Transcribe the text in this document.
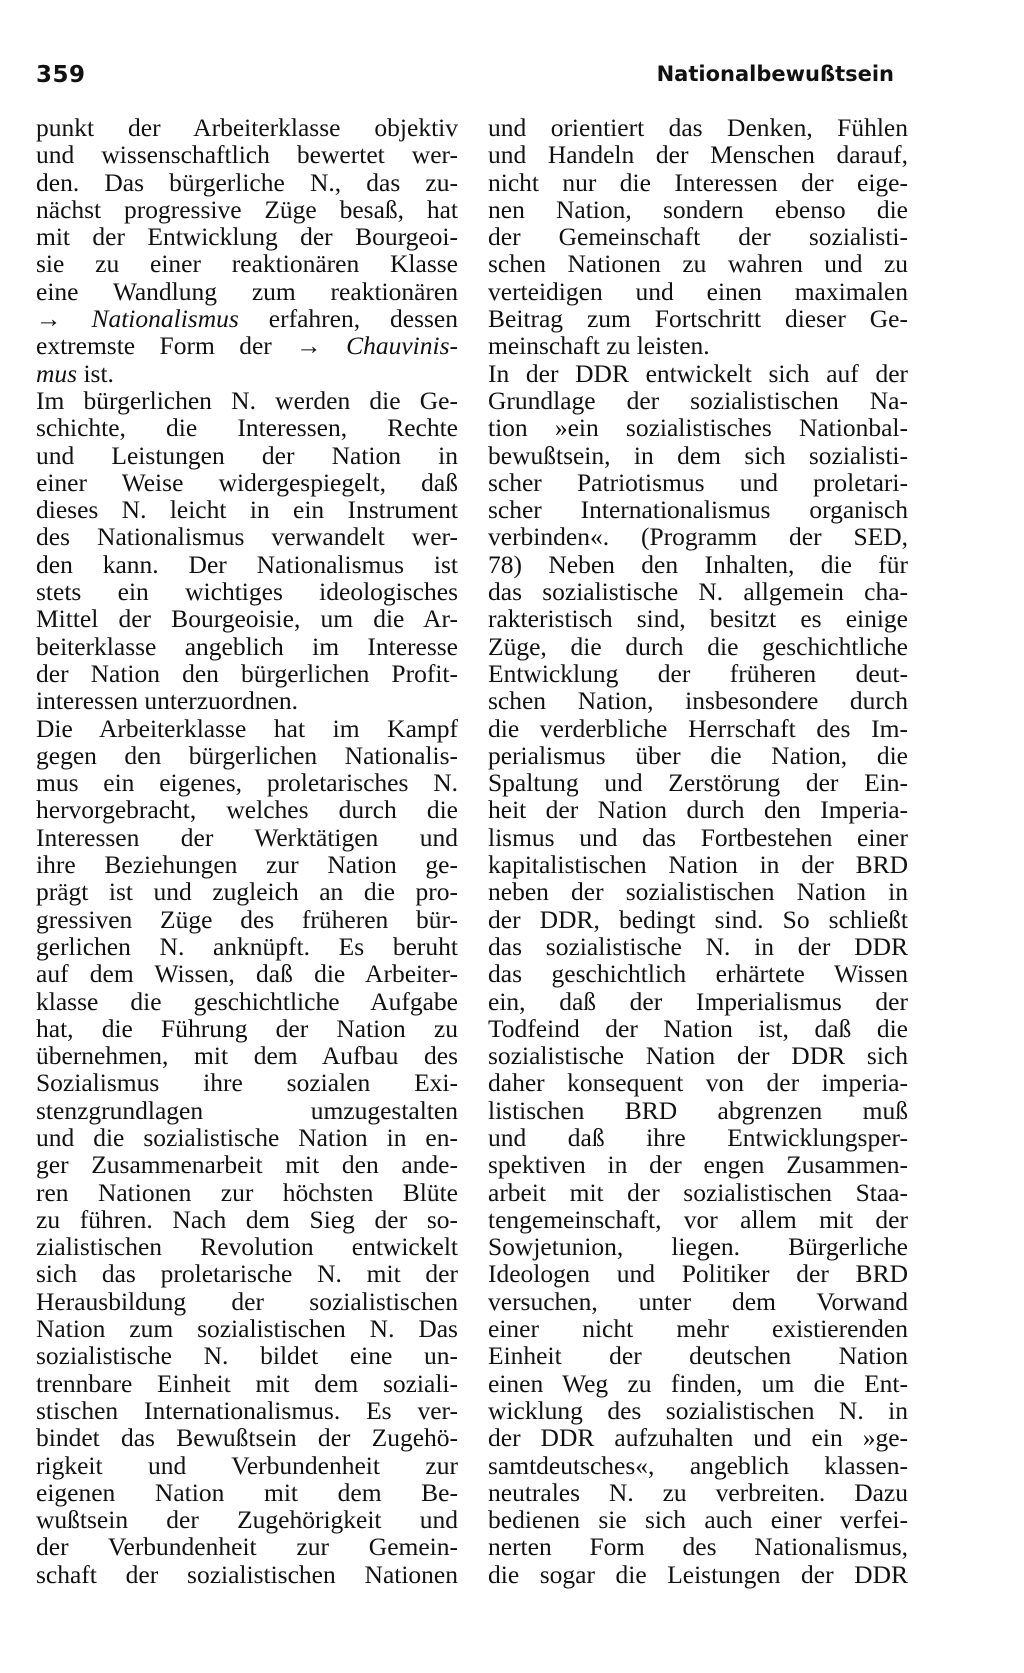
359	Nationalbewußtsein
punkt der Arbeiterklasse objektiv
und wissenschaftlich bewertet wer-
den. Das bürgerliche N., das zu-
nächst progressive Züge besaß, hat
mit der Entwicklung der Bourgeoi-
sie zu einer reaktionären Klasse
eine Wandlung zum reaktionären
→ Nationalismus erfahren, dessen
extremste Form der → Chauvinis-
mus ist.
Im bürgerlichen N. werden die Ge-
schichte, die Interessen, Rechte
und Leistungen der Nation in
einer Weise widergespiegelt, daß
dieses N. leicht in ein Instrument
des Nationalismus verwandelt wer-
den kann. Der Nationalismus ist
stets ein wichtiges ideologisches
Mittel der Bourgeoisie, um die Ar-
beiterklasse angeblich im Interesse
der Nation den bürgerlichen Profit-
interessen unterzuordnen.
Die Arbeiterklasse hat im Kampf
gegen den bürgerlichen Nationalis-
mus ein eigenes, proletarisches N.
hervorgebracht, welches durch die
Interessen der Werktätigen und
ihre Beziehungen zur Nation ge-
prägt ist und zugleich an die pro-
gressiven Züge des früheren bür-
gerlichen N. anknüpft. Es beruht
auf dem Wissen, daß die Arbeiter-
klasse die geschichtliche Aufgabe
hat, die Führung der Nation zu
übernehmen, mit dem Aufbau des
Sozialismus ihre sozialen Exi-
stenzgrundlagen umzugestalten
und die sozialistische Nation in en-
ger Zusammenarbeit mit den ande-
ren Nationen zur höchsten Blüte
zu führen. Nach dem Sieg der so-
zialistischen Revolution entwickelt
sich das proletarische N. mit der
Herausbildung der sozialistischen
Nation zum sozialistischen N. Das
sozialistische N. bildet eine un-
trennbare Einheit mit dem soziali-
stischen Internationalismus. Es ver-
bindet das Bewußtsein der Zugehö-
rigkeit und Verbundenheit zur
eigenen Nation mit dem Be-
wußtsein der Zugehörigkeit und
der Verbundenheit zur Gemein-
schaft der sozialistischen Nationen
und orientiert das Denken, Fühlen
und Handeln der Menschen darauf,
nicht nur die Interessen der eige-
nen Nation, sondern ebenso die
der Gemeinschaft der sozialisti-
schen Nationen zu wahren und zu
verteidigen und einen maximalen
Beitrag zum Fortschritt dieser Ge-
meinschaft zu leisten.
In der DDR entwickelt sich auf der
Grundlage der sozialistischen Na-
tion »ein sozialistisches Nationbal-
bewußtsein, in dem sich sozialisti-
scher Patriotismus und proletari-
scher Internationalismus organisch
verbinden«. (Programm der SED,
78) Neben den Inhalten, die für
das sozialistische N. allgemein cha-
rakteristisch sind, besitzt es einige
Züge, die durch die geschichtliche
Entwicklung der früheren deut-
schen Nation, insbesondere durch
die verderbliche Herrschaft des Im-
perialismus über die Nation, die
Spaltung und Zerstörung der Ein-
heit der Nation durch den Imperia-
lismus und das Fortbestehen einer
kapitalistischen Nation in der BRD
neben der sozialistischen Nation in
der DDR, bedingt sind. So schließt
das sozialistische N. in der DDR
das geschichtlich erhärtete Wissen
ein, daß der Imperialismus der
Todfeind der Nation ist, daß die
sozialistische Nation der DDR sich
daher konsequent von der imperia-
listischen BRD abgrenzen muß
und daß ihre Entwicklungsper-
spektiven in der engen Zusammen-
arbeit mit der sozialistischen Staa-
tengemeinschaft, vor allem mit der
Sowjetunion, liegen. Bürgerliche
Ideologen und Politiker der BRD
versuchen, unter dem Vorwand
einer nicht mehr existierenden
Einheit der deutschen Nation
einen Weg zu finden, um die Ent-
wicklung des sozialistischen N. in
der DDR aufzuhalten und ein »ge-
samtdeutsches«, angeblich klassen-
neutrales N. zu verbreiten. Dazu
bedienen sie sich auch einer verfei-
nerten Form des Nationalismus,
die sogar die Leistungen der DDR
